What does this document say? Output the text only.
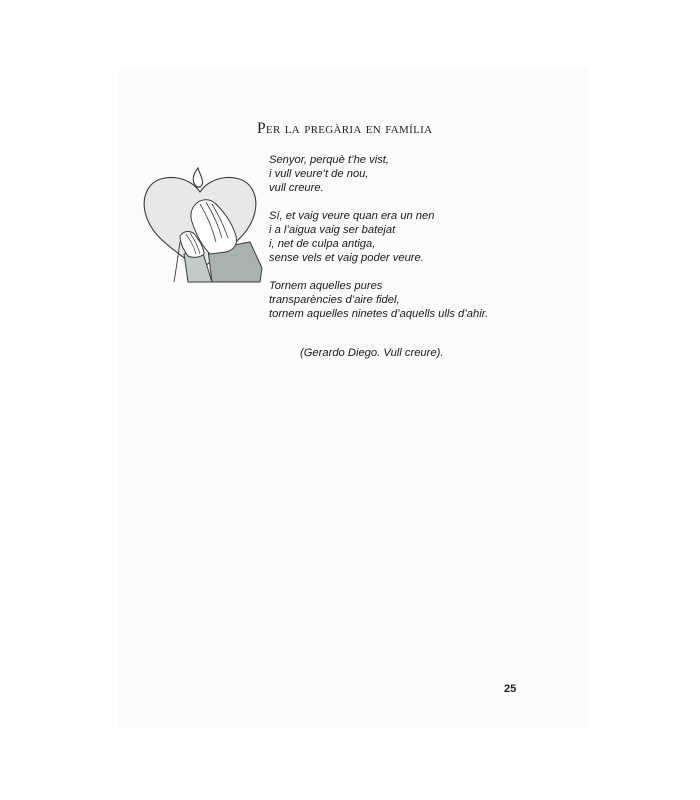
Per la pregària en família
Senyor, perquè t’he vist,
i vull veure’t de nou,
vull creure.
Sí, et vaig veure quan era un nen
i a l’aigua vaig ser batejat
i, net de culpa antiga,
sense vels et vaig poder veure.
Tornem aquelles pures
transparències d’aire fidel,
tornem aquelles ninetes d’aquells ulls d’ahir.
(Gerardo Diego. Vull creure).
25
